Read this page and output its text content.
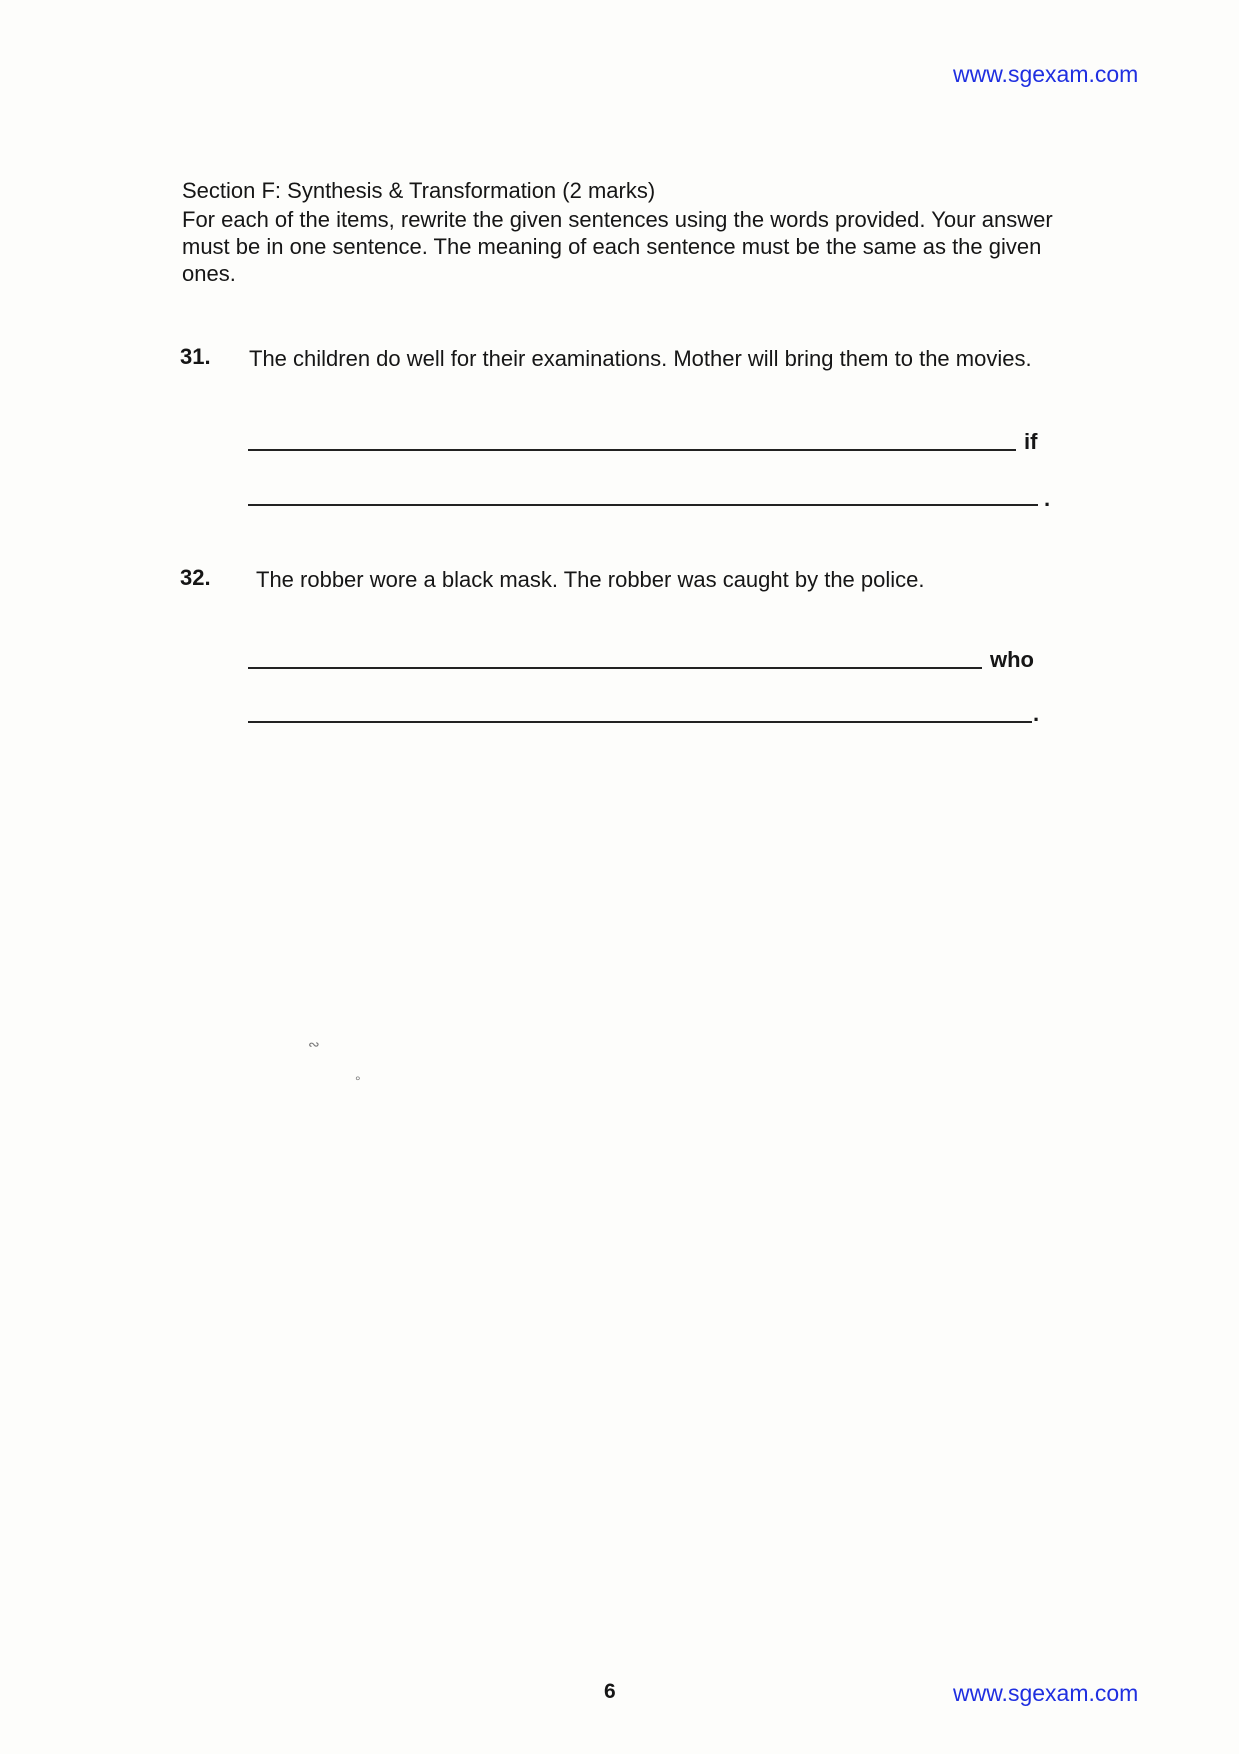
www.sgexam.com
Section F: Synthesis & Transformation (2 marks)
For each of the items, rewrite the given sentences using the words provided. Your answer must be in one sentence. The meaning of each sentence must be the same as the given ones.
31. The children do well for their examinations. Mother will bring them to the movies.
if
.
32. The robber wore a black mask. The robber was caught by the police.
who
.
∾
°
6	www.sgexam.com
